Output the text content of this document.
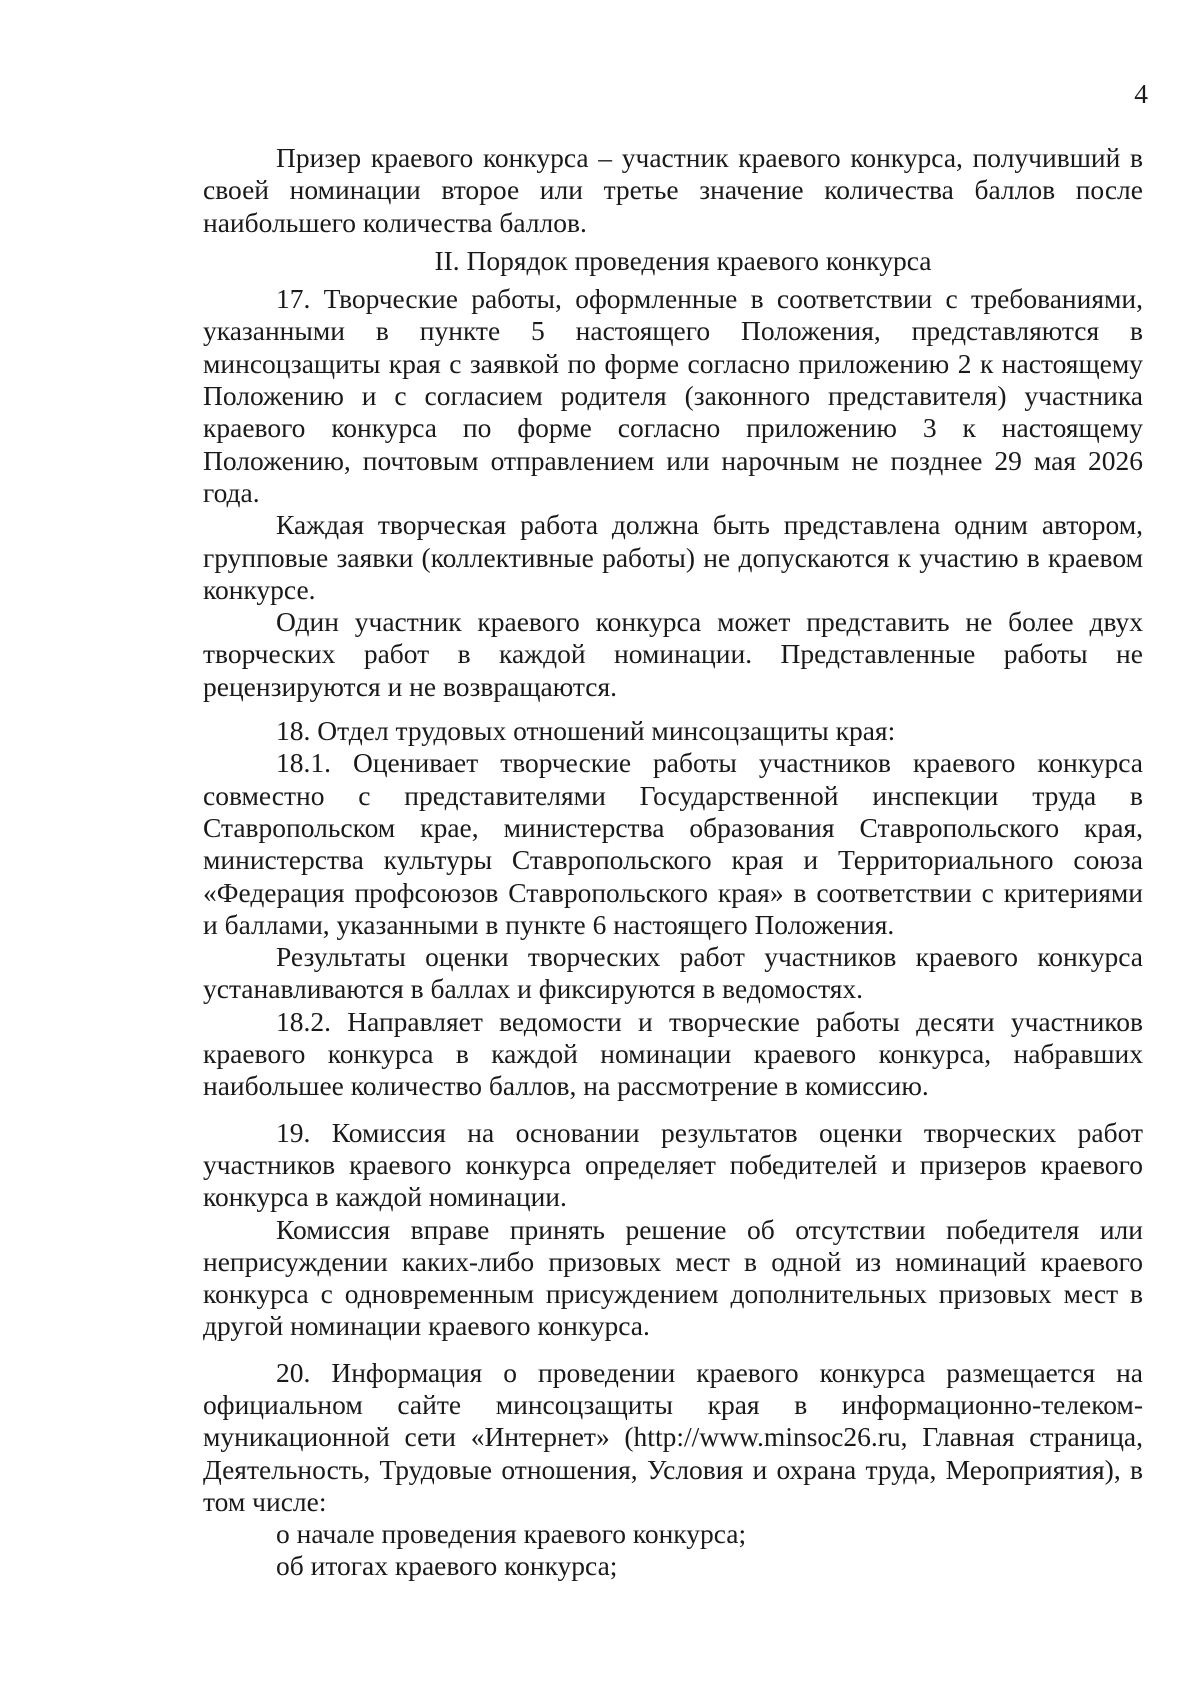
4

Призер краевого конкурса – участник краевого конкурса, получивший в своей номинации второе или третье значение количества баллов после наибольшего количества баллов.

II. Порядок проведения краевого конкурса

17. Творческие работы, оформленные в соответствии с требованиями, указанными в пункте 5 настоящего Положения, представляются в минсоцзащиты края с заявкой по форме согласно приложению 2 к настоящему Положению и с согласием родителя (законного представителя) участника краевого конкурса по форме согласно приложению 3 к настоящему Положению, почтовым отправлением или нарочным не позднее 29 мая 2026 года.

Каждая творческая работа должна быть представлена одним автором, групповые заявки (коллективные работы) не допускаются к участию в краевом конкурсе.

Один участник краевого конкурса может представить не более двух творческих работ в каждой номинации. Представленные работы не рецензируются и не возвращаются.

18. Отдел трудовых отношений минсоцзащиты края:

18.1. Оценивает творческие работы участников краевого конкурса совместно с представителями Государственной инспекции труда в Ставропольском крае, министерства образования Ставропольского края, министерства культуры Ставропольского края и Территориального союза «Федерация профсоюзов Ставропольского края» в соответствии с критериями и баллами, указанными в пункте 6 настоящего Положения.

Результаты оценки творческих работ участников краевого конкурса устанавливаются в баллах и фиксируются в ведомостях.

18.2. Направляет ведомости и творческие работы десяти участников краевого конкурса в каждой номинации краевого конкурса, набравших наибольшее количество баллов, на рассмотрение в комиссию.

19. Комиссия на основании результатов оценки творческих работ участников краевого конкурса определяет победителей и призеров краевого конкурса в каждой номинации.

Комиссия вправе принять решение об отсутствии победителя или неприсуждении каких-либо призовых мест в одной из номинаций краевого конкурса с одновременным присуждением дополнительных призовых мест в другой номинации краевого конкурса.

20. Информация о проведении краевого конкурса размещается на официальном сайте минсоцзащиты края в информационно-телеком-муникационной сети «Интернет» (http://www.minsoc26.ru, Главная страница, Деятельность, Трудовые отношения, Условия и охрана труда, Мероприятия), в том числе:

о начале проведения краевого конкурса;

об итогах краевого конкурса;
